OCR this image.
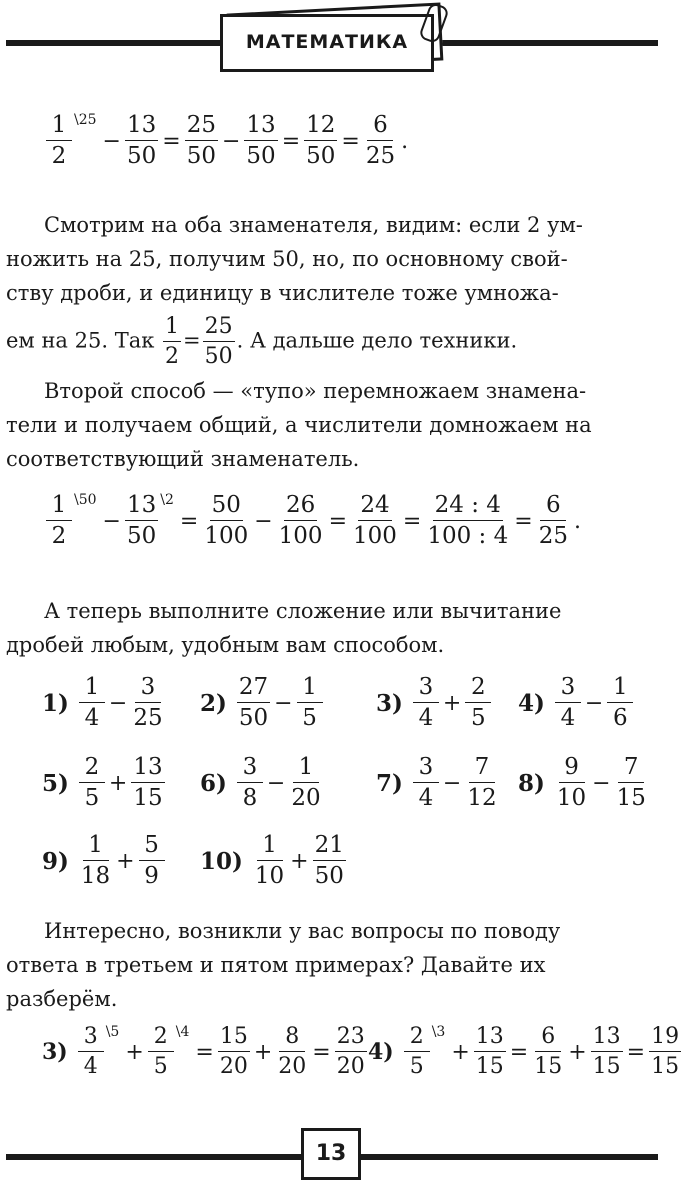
МАТЕМАТИКА
$\frac{1}{2}$ \25
− $\frac{13}{50} = \frac{25}{50} - \frac{13}{50} = \frac{12}{50} = \frac{6}{25}$ .

Смотрим на оба знаменателя, видим: если 2 ум-

ножить на 25, получим 50, но, по основному свой-

ству дроби, и единицу в числителе тоже умножа-

ем на 25. Так $\frac{1}{2} = \frac{25}{50}$ . А дальше дело техники.

Второй способ — «тупо» перемножаем знамена-

тели и получаем общий, а числители домножаем на

соответствующий знаменатель.

$\frac{1}{2}$ \50
− $\frac{13}{50}$ \2
= $\frac{50}{100} - \frac{26}{100} = \frac{24}{100} = \frac{24 : 4}{100 : 4} = \frac{6}{25}$ .

А теперь выполните сложение или вычитание

дробей любым, удобным вам способом.

$1) \frac{1}{4} - \frac{3}{25} 2) \frac{27}{50} - \frac{1}{5} 3) \frac{3}{4} + \frac{2}{5} 4) \frac{3}{4} - \frac{1}{6}$
$5) \frac{2}{5} + \frac{13}{15} 6) \frac{3}{8} - \frac{1}{20} 7) \frac{3}{4} - \frac{7}{12} 8) \frac{9}{10} - \frac{7}{15}$
$9) \frac{1}{18} + \frac{5}{9} 10) \frac{1}{10} + \frac{21}{50}$

Интересно, возникли у вас вопросы по поводу

ответа в третьем и пятом примерах? Давайте их

разберём.

$3) \frac{3}{4}$ \5
+ $\frac{2}{5}$ \4
= $\frac{15}{20} + \frac{8}{20} = \frac{23}{20} 4) \frac{2}{5}$ \3
+ $\frac{13}{15} = \frac{6}{15} + \frac{13}{15} = \frac{19}{15}$
13
